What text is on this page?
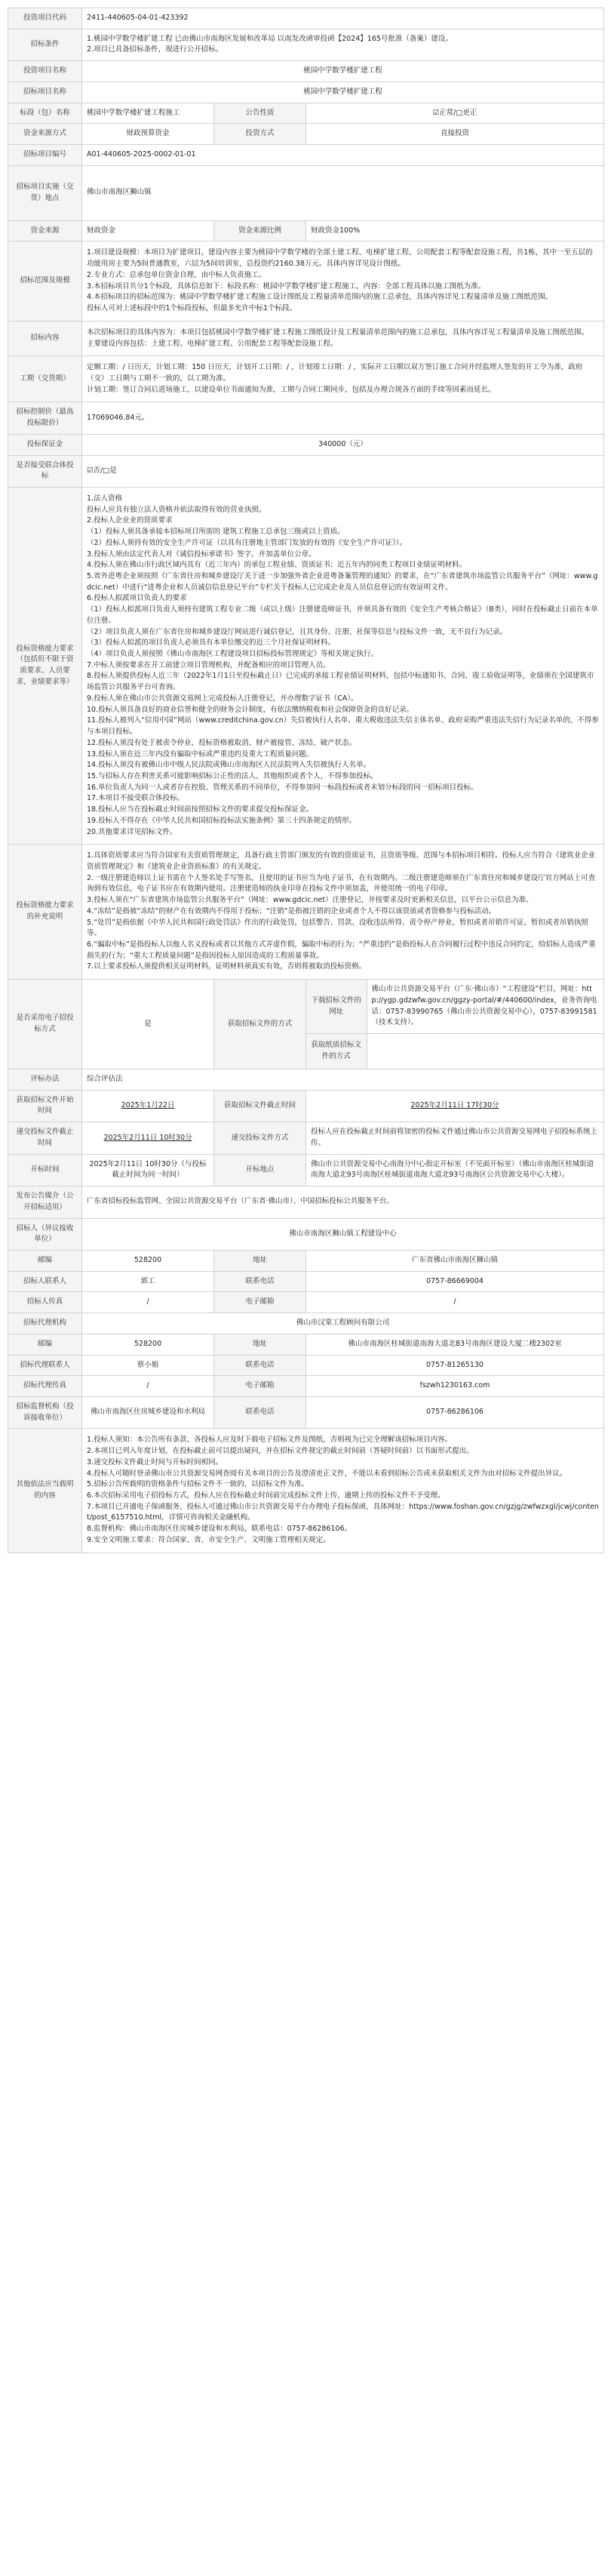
投资项目代码	2411-440605-04-01-423392
招标条件	
1.桃园中学数学楼扩建工程 已由佛山市南海区发展和改革局 以南发改函审投函【2024】165号批准（备案）建设。
2.项目已具备招标条件，现进行公开招标。

投资项目名称	桃园中学数学楼扩建工程
招标项目名称	桃园中学数学楼扩建工程
标段（包）名称	桃园中学数学楼扩建工程施工	公告性质	☑正常/□更正
资金来源方式	财政预算资金	投资方式	直接投资
招标项目编号	A01-440605-2025-0002-01-01
招标项目实施（交货）地点	佛山市南海区狮山镇
资金来源	财政资金	资金来源比例	财政资金100%
招标范围及规模	
1.项目建设规模：本项目为扩建项目，建设内容主要为桃园中学数学楼的全部土建工程、电梯扩建工程、公用配套工程等配套设施工程，共1栋，其中一至五层的功能用房主要为5间普通教室，六层为5间培训室，总投资约2160.38万元。具体内容详见设计图纸。
2.专业方式：总承包单位资金自理，由中标人负责施工。
3.本招标项目共分1个标段，具体信息如下：标段名称：桃园中学数学楼扩建工程施工，内容：全部工程具体以施工图纸为准。
4.本招标项目的招标范围为：桃园中学数学楼扩建工程施工设计图纸及工程量清单范围内的施工总承包，具体内容详见工程量清单及施工图纸范围。
投标人可对上述标段中的1个标段投标，但最多允许中标1个标段。

招标内容	
本次招标项目的具体内容为：本项目包括桃园中学数学楼扩建工程施工图纸设计及工程量清单范围内的施工总承包，具体内容详见工程量清单及施工图纸范围。
主要建设内容包括：土建工程、电梯扩建工程、公用配套工程等配套设施工程。

工期（交货期）	
定额工期：/ 日历天，计划工期：150 日历天，计划开工日期：/ ，计划竣工日期：/ ，实际开工日期以双方签订施工合同并经监理人签发的开工令为准，政府（交）工日期与工期不一致的，以工期为准。
计划工期：签订合同后进场施工，以建设单位书面通知为准，工期与合同工期同步，包括及办理合规各方面的手续等因素而延长。

招标控制价（最高投标限价）	17069046.84元。
投标保证金	340000（元）
是否接受联合体投标	☑否/□是
投标资格能力要求（包括但不限于资质要求、人员要求、业绩要求等）	
1.法人资格
投标人应具有独立法人资格并依法取得有效的营业执照。
2.投标人企业业的资质要求
（1）投标人须具备承接本招标项目所需的 建筑工程施工总承包三级或以上资质。
（2）投标人须持有效的安全生产许可证（以具有注册地主管部门发放的有效的《安全生产许可证》）。
3.投标人须由法定代表人对《诚信投标承诺书》签字，并加盖单位公章。
4.投标人须在佛山市行政区域内具有（近三年内）的承包工程业绩、资质证书；近五年内的同类工程项目业绩证明材料。
5.省外进粤企业须按照《广东省住房和城乡建设厅关于进一步加强外省企业进粤备案管理的通知》的要求，在“广东省建筑市场监管公共服务平台”（网址：www.gdcic.net）中进行“进粤企业和人员诚信信息登记平台”专栏关于投标人已完成企业及人员信息登记的有效证明文件。
6.投标人拟派项目负责人的要求
（1）投标人拟派项目负责人须持有建筑工程专业二级（或以上级）注册建造师证书，并须具备有效的《安全生产考核合格证》（B类），同时在投标截止日前在本单位注册。
（2）项目负责人须在广东省住房和城乡建设厅网站进行诚信登记，且其身份、注册、社保等信息与投标文件一致，无不良行为记录。
（3）投标人拟派的项目负责人必须具有本单位缴交的近三个月社保证明材料。
（4）项目负责人须按照《佛山市南海区工程建设项目招标投标管理规定》等相关规定执行。
7.中标人须按要求在开工前建立项目管理机构，并配备相应的项目管理人员。
8.投标人须提供投标人近三年（2022年1月1日至投标截止日）已完成的承接工程业绩证明材料，包括中标通知书、合同、竣工验收证明等，业绩须在全国建筑市场监管公共服务平台可查询。
9.投标人须在佛山市公共资源交易网上完成投标人注册登记，并办理数字证书（CA）。
10.投标人须具备良好的商业信誉和健全的财务会计制度，有依法缴纳税收和社会保障资金的良好记录。
11.投标人被列入“信用中国”网站（www.creditchina.gov.cn）失信被执行人名单、重大税收违法失信主体名单、政府采购严重违法失信行为记录名单的，不得参与本项目投标。
12.投标人须没有处于被责令停业、投标资格被取消、财产被接管、冻结、破产状态。
13.投标人须在近三年内没有骗取中标或严重违约及重大工程质量问题。
14.投标人须没有被佛山市中级人民法院或佛山市南海区人民法院列入失信被执行人名单。
15.与招标人存在利害关系可能影响招标公正性的法人、其他组织或者个人，不得参加投标。
16.单位负责人为同一人或者存在控股、管理关系的不同单位，不得参加同一标段投标或者未划分标段的同一招标项目投标。
17.本项目不接受联合体投标。
18.投标人应当在投标截止时间前按照招标文件的要求提交投标保证金。
19.投标人不得存在《中华人民共和国招标投标法实施条例》第三十四条规定的情形。
20.其他要求详见招标文件。

投标资格能力要求的补充说明	
1.具体资质要求应当符合国家有关资质管理规定，具备行政主管部门颁发的有效的资质证书，且资质等级、范围与本招标项目相符。投标人应当符合《建筑业企业资质管理规定》和《建筑业企业资质标准》的有关规定。
2.一级注册建造师以上证书需在个人签名处手写签名，且使用的证书应当为电子证书，在有效期内。二级注册建造师须在广东省住房和城乡建设厅官方网站上可查询到有效信息，电子证书应在有效期内使用。注册建造师的执业印章在投标文件中须加盖，并使用统一的电子印章。
3.投标人须在“广东省建筑市场监管公共服务平台”（网址：www.gdcic.net）注册登记，并按要求及时更新相关信息，以平台公示信息为准。
4.“冻结”是指被“冻结”的财产在有效期内不得用于投标；“注销”是指被注销的企业或者个人不得以该资质或者资格参与投标活动。
5.“处罚”是指依据《中华人民共和国行政处罚法》作出的行政处罚，包括警告、罚款、没收违法所得、责令停产停业、暂扣或者吊销许可证、暂扣或者吊销执照等。
6.“骗取中标”是指投标人以他人名义投标或者以其他方式弄虚作假，骗取中标的行为；“严重违约”是指投标人在合同履行过程中违反合同约定，给招标人造成严重损失的行为；“重大工程质量问题”是指因投标人原因造成的工程质量事故。
7.以上要求投标人须提供相关证明材料，证明材料须真实有效，否则将被取消投标资格。

是否采用电子招投标方式	是	获取招标文件的方式	
下载招标文件的网址	佛山市公共资源交易平台（广东·佛山市）“工程建设”栏目，网址：http://ygp.gdzwfw.gov.cn/ggzy-portal/#/440600/index，业务咨询电话：0757-83990765（佛山市公共资源交易中心），0757-83991581（技术支持）。

获取纸质招标文件的方式	

评标办法	综合评估法
获取招标文件开始时间	2025年1月22日	获取招标文件截止时间	2025年2月11日 17时30分
递交投标文件截止时间	2025年2月11日 10时30分	递交投标文件方式	投标人应在投标截止时间前将加密的投标文件通过佛山市公共资源交易网电子招投标系统上传。
开标时间	2025年2月11日 10时30分（与投标截止时间为同一时间）	开标地点	佛山市公共资源交易中心南海分中心指定开标室（不见面开标室）（佛山市南海区桂城街道南海大道北93号南海区桂城街道南海大道北93号南海区公共资源交易中心大楼）。
发布公告媒介（公开招标适用）	广东省招标投标监管网、全国公共资源交易平台（广东省·佛山市）、中国招标投标公共服务平台。
招标人（异议接收单位）	佛山市南海区狮山镇工程建设中心
邮编	528200	地址	广东省佛山市南海区狮山镇
招标人联系人	郭工	联系电话	0757-86669004
招标人传真	/	电子邮箱	/
招标代理机构	佛山市汉棠工程顾问有限公司
邮编	528200	地址	佛山市南海区桂城街道南海大道北83号南海区建设大厦二楼2302室
招标代理联系人	蔡小姐	联系电话	0757-81265130
招标代理传真	/	电子邮箱	fszwh1230163.com
招标监督机构（投诉接收单位）	佛山市南海区住房城乡建设和水利局	联系电话	0757-86286106
其他依法应当载明的内容	
1.投标人须知：本公告所有条款、各投标人应及时下载电子招标文件及图纸，否则视为已完全理解该招标项目内容。
2.本项目已列入年度计划，在投标截止前可以提出疑问，并在招标文件规定的截止时间前（答疑时间前）以书面形式提出。
3.递交投标文件截止时间与开标时间相同。
4.投标人可随时登录佛山市公共资源交易网查阅有关本项目的公告及澄清更正文件，不能以未看到招标公告或未获取相关文件为由对招标文件提出异议。
5.招标公告所载明的资格条件与招标文件不一致的，以招标文件为准。
6.本次招标采用电子招投标方式，投标人应在投标截止时间前完成投标文件上传，逾期上传的投标文件不予受理。
7.本项目已开通电子保函服务，投标人可通过佛山市公共资源交易平台办理电子投标保函，具体网址：https://www.foshan.gov.cn/gzjg/zwfwzxgl/jcwj/content/post_6157510.html，详情可咨询相关金融机构。
8.监督机构：佛山市南海区住房城乡建设和水利局，联系电话：0757-86286106。
9.安全文明施工要求：符合国家、省、市安全生产、文明施工管理相关规定。
